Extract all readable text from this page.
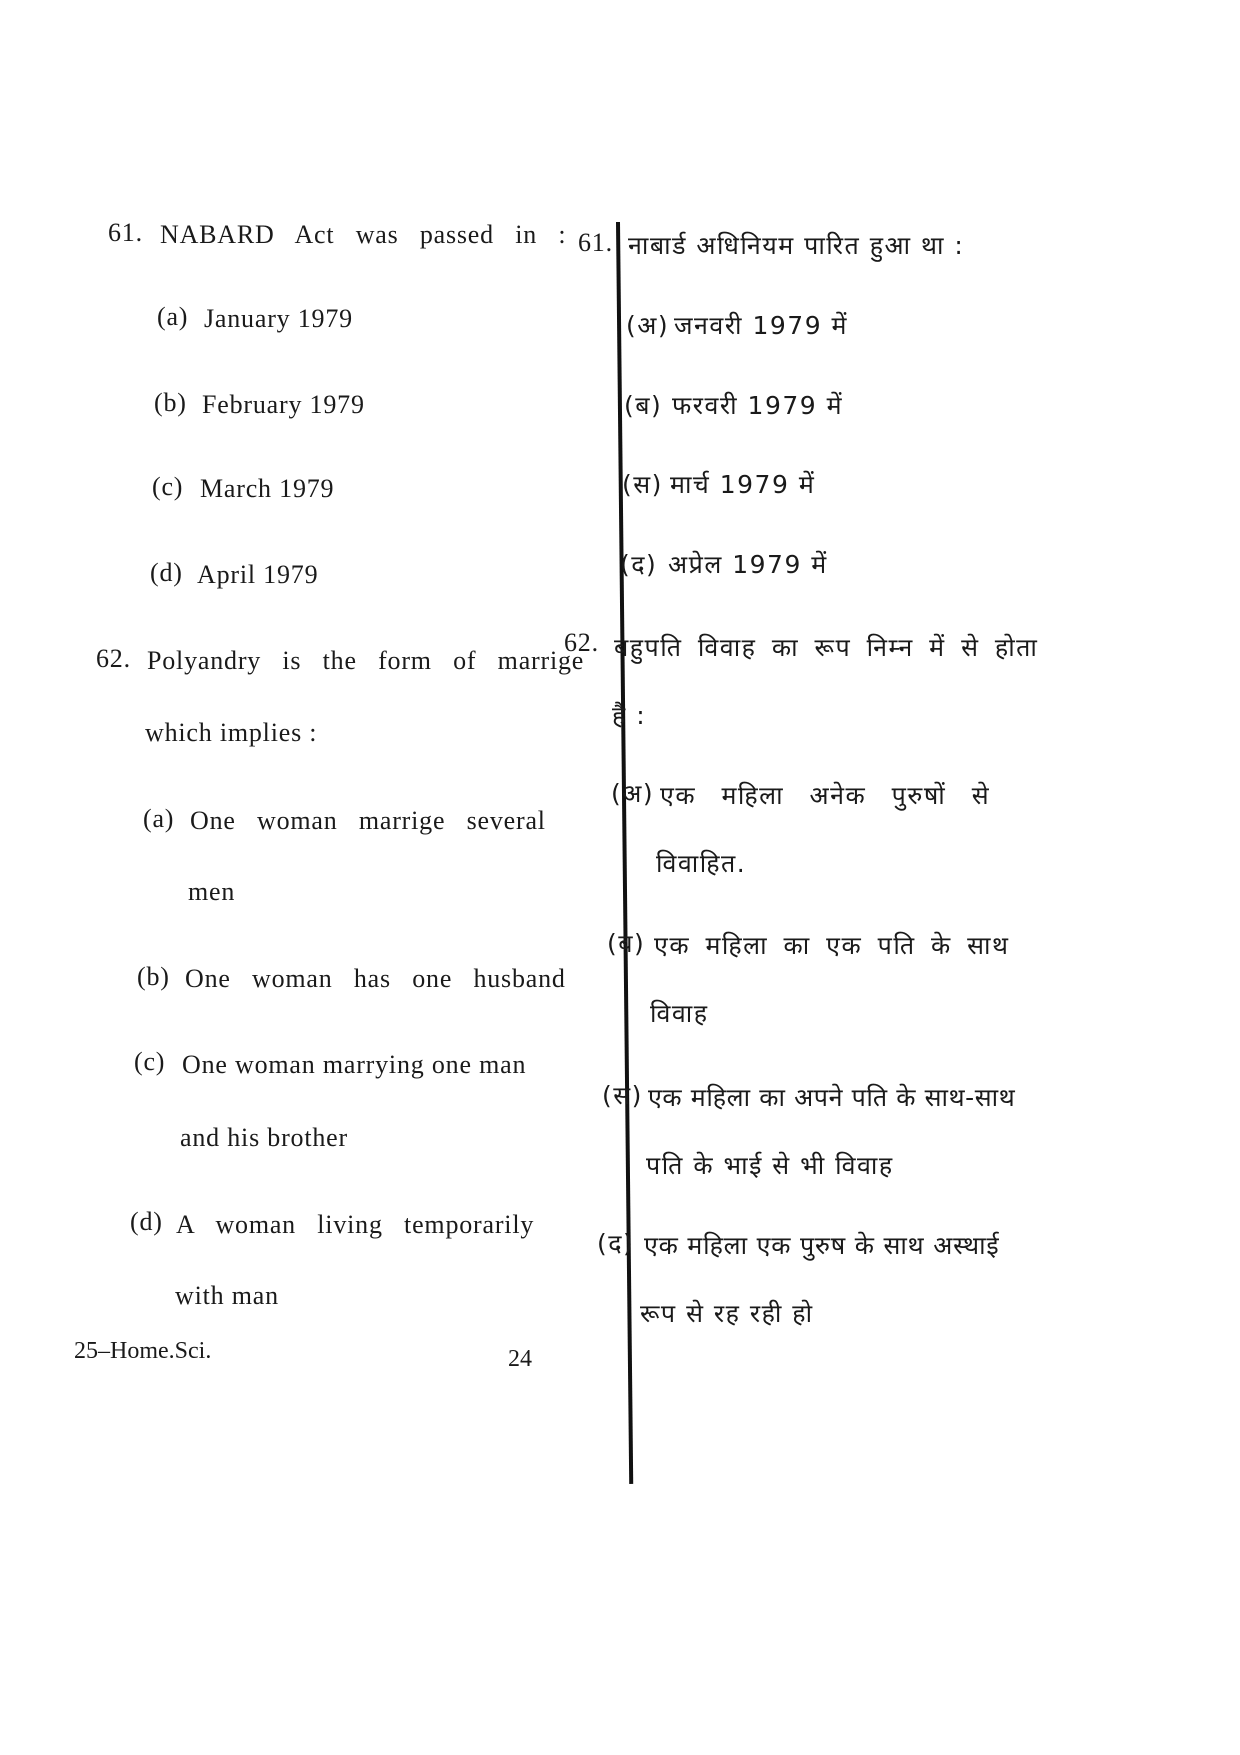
61. NABARD Act was passed in :
(a) January 1979
(b) February 1979
(c) March 1979
(d) April 1979
62. Polyandry is the form of marrige
which implies :
(a) One woman marrige several
men
(b) One woman has one husband
(c) One woman marrying one man
and his brother
(d) A woman living temporarily
with man
61. नाबार्ड अधिनियम पारित हुआ था :
(अ) जनवरी 1979 में
(ब) फरवरी 1979 में
(स) मार्च 1979 में
(द) अप्रेल 1979 में
62. बहुपति विवाह का रूप निम्न में से होता
है :
(अ) एक महिला अनेक पुरुषों से
विवाहित.
(ब) एक महिला का एक पति के साथ
विवाह
(स) एक महिला का अपने पति के साथ-साथ
पति के भाई से भी विवाह
(द) एक महिला एक पुरुष के साथ अस्थाई
रूप से रह रही हो
25–Home.Sci.	24
